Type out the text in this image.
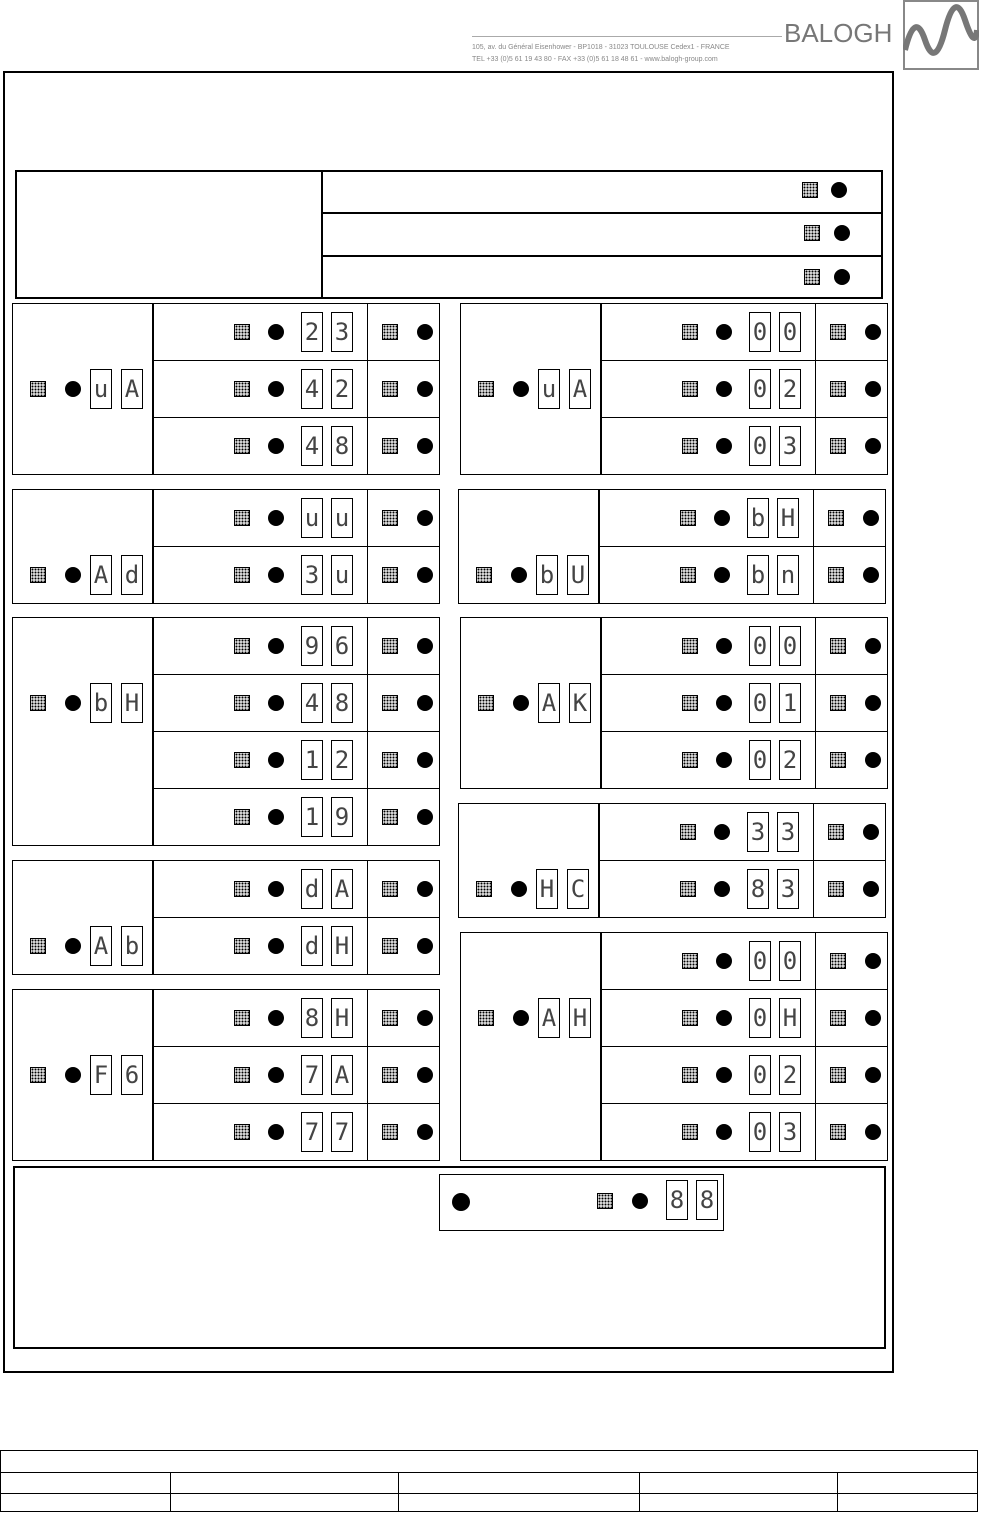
BALOGH
105, av. du Général Eisenhower - BP1018 - 31023 TOULOUSE Cedex1 - FRANCE
TEL +33 (0)5 61 19 43 80 - FAX +33 (0)5 61 18 48 61 - www.balogh-group.com
u A
2 3
4 2
4 8
A d
u u
3 u
b H
9 6
4 8
1 2
1 9
A b
d A
d H
F 6
8 H
7 A
7 7
u A
0 0
0 2
0 3
b U
b H
b n
A K
0 0
0 1
0 2
H C
3 3
8 3
A H
0 0
0 H
0 2
0 3
8 8
